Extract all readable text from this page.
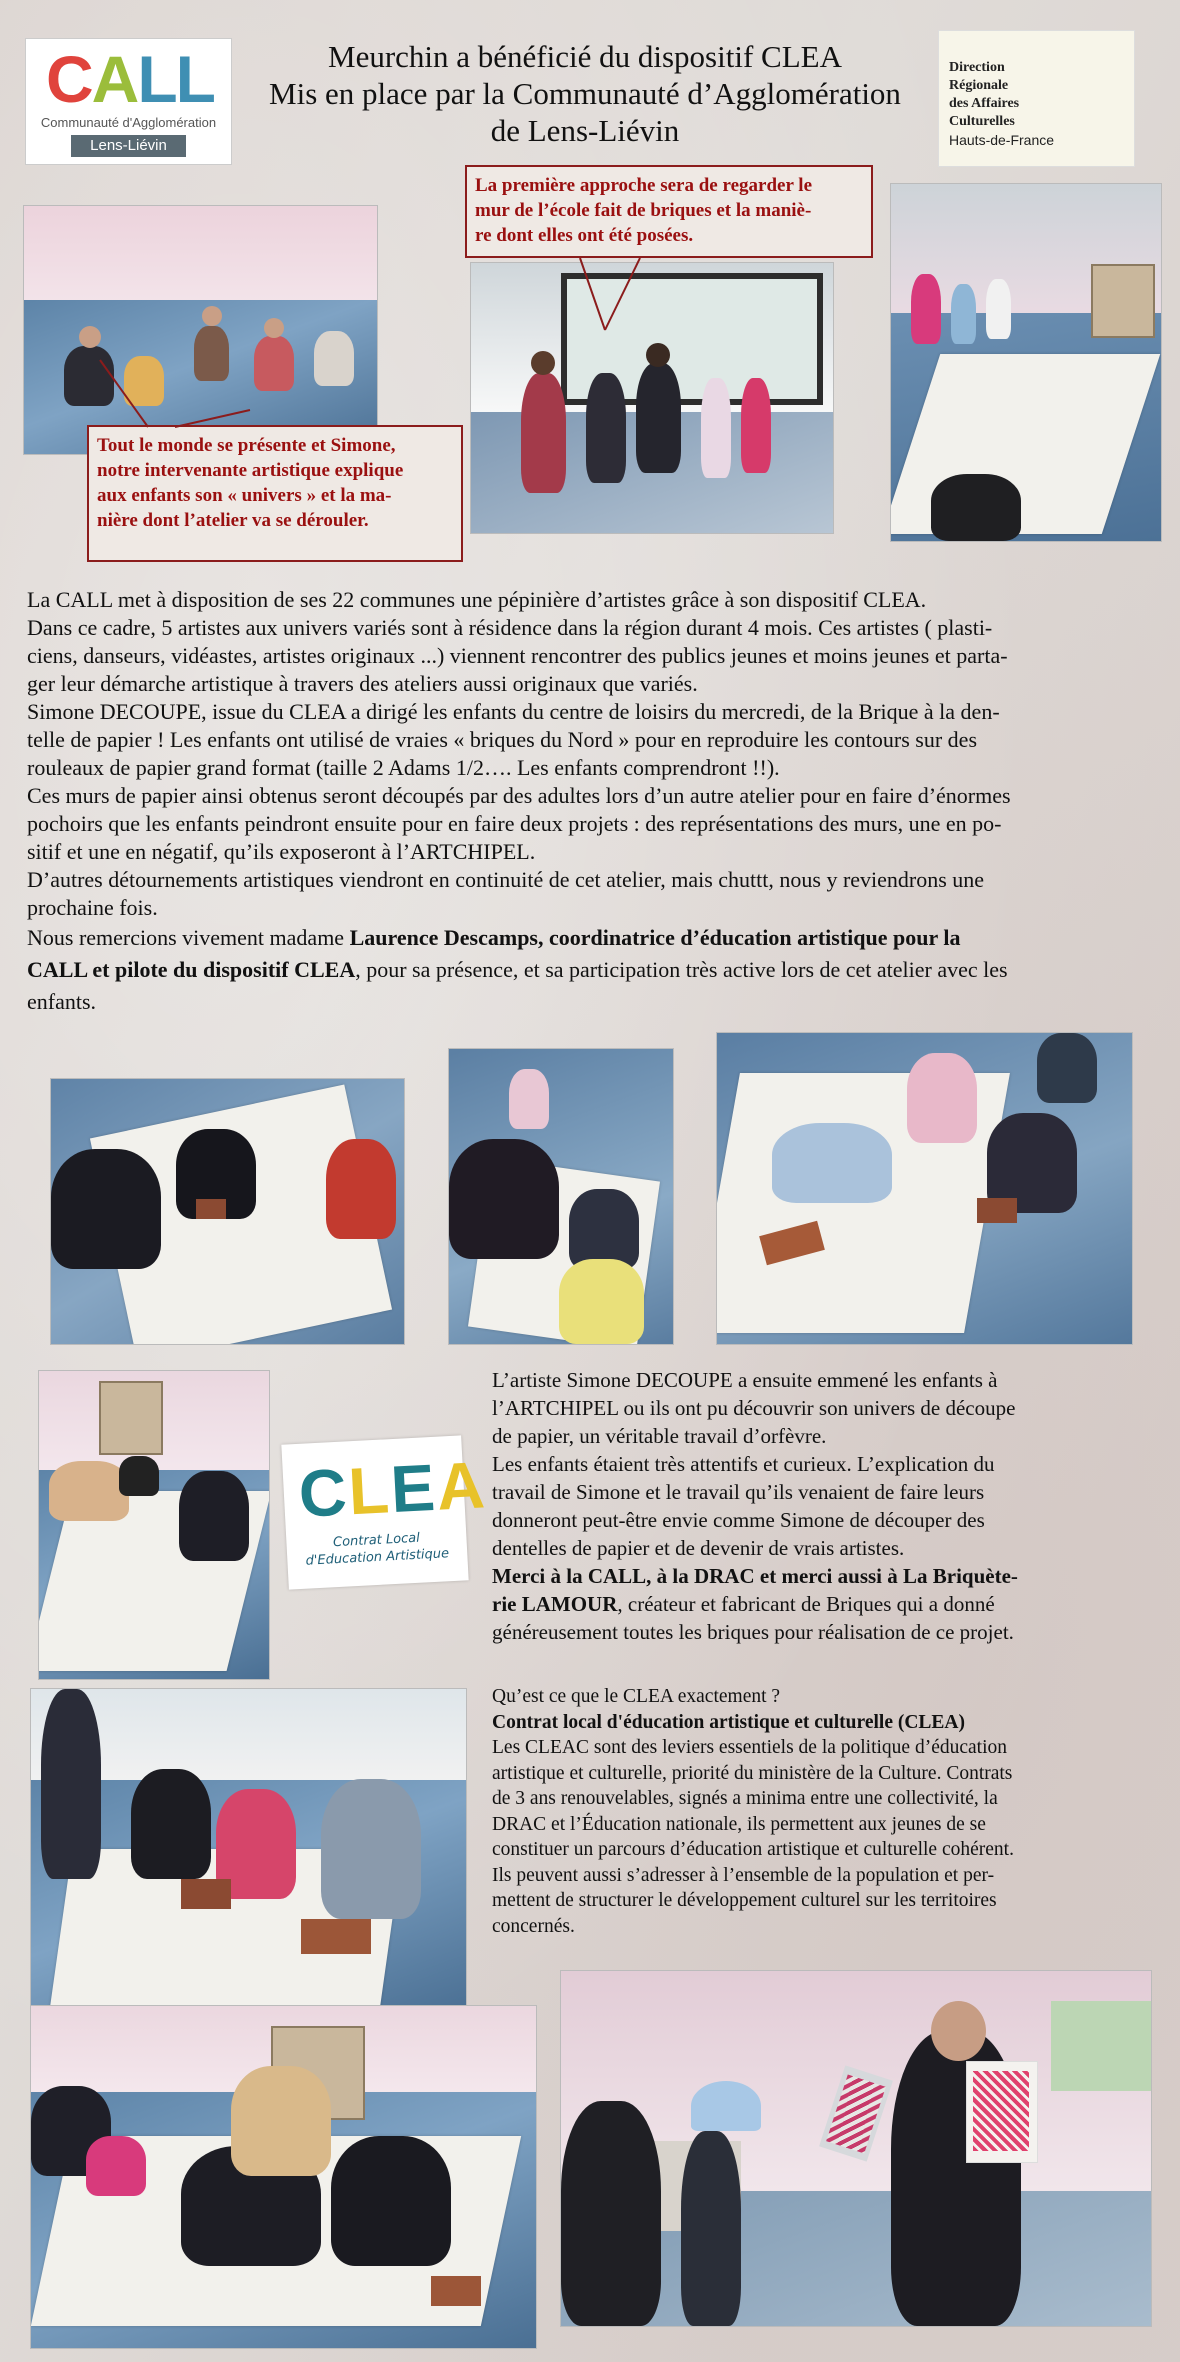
CALL
Communauté d'Agglomération
Lens-Liévin
Meurchin a bénéficié du dispositif CLEA
Mis en place par la Communauté d’Agglomération
de Lens-Liévin
Direction
Régionale
des Affaires
Culturelles
Hauts-de-France
La première approche sera de regarder le
mur de l’école fait de briques et la maniè-
re dont elles ont été posées.
Tout le monde se présente et Simone,
notre intervenante artistique explique
aux enfants son « univers » et la ma-
nière dont l’atelier va se dérouler.
La CALL met à disposition de ses 22 communes une pépinière d’artistes grâce à son dispositif CLEA.
Dans ce cadre, 5 artistes aux univers variés sont à résidence dans la région durant 4 mois. Ces artistes ( plasti-
ciens, danseurs, vidéastes, artistes originaux ...) viennent rencontrer des publics jeunes et moins jeunes et parta-
ger leur démarche artistique à travers des ateliers aussi originaux que variés.
Simone DECOUPE, issue du CLEA a dirigé les enfants du centre de loisirs du mercredi, de la Brique à la den-
telle de papier ! Les enfants ont utilisé de vraies « briques du Nord » pour en reproduire les contours sur des
rouleaux de papier grand format (taille 2 Adams 1/2…. Les enfants comprendront !!).
Ces murs de papier ainsi obtenus seront découpés par des adultes lors d’un autre atelier pour en faire d’énormes
pochoirs que les enfants peindront ensuite pour en faire deux projets : des représentations des murs, une en po-
sitif et une en négatif, qu’ils exposeront à l’ARTCHIPEL.
D’autres détournements artistiques viendront en continuité de cet atelier, mais chuttt, nous y reviendrons une
prochaine fois.
Nous remercions vivement madame Laurence Descamps, coordinatrice d’éducation artistique pour la
CALL et pilote du dispositif CLEA, pour sa présence, et sa participation très active lors de cet atelier avec les
enfants.
CLEA
Contrat Local
d'Education Artistique
L’artiste Simone DECOUPE a ensuite emmené les enfants à
l’ARTCHIPEL ou ils ont pu découvrir son univers de découpe
de papier, un véritable travail d’orfèvre.
Les enfants étaient très attentifs et curieux. L’explication du
travail de Simone et le travail qu’ils venaient de faire leurs
donneront peut-être envie comme Simone de découper des
dentelles de papier et de devenir de vrais artistes.
Merci à la CALL, à la DRAC et merci aussi à La Briquète-
rie LAMOUR, créateur et fabricant de Briques qui a donné
généreusement toutes les briques pour réalisation de ce projet.
Qu’est ce que le CLEA exactement ?
Contrat local d'éducation artistique et culturelle (CLEA)
Les CLEAC sont des leviers essentiels de la politique d’éducation
artistique et culturelle, priorité du ministère de la Culture. Contrats
de 3 ans renouvelables, signés a minima entre une collectivité, la
DRAC et l’Éducation nationale, ils permettent aux jeunes de se
constituer un parcours d’éducation artistique et culturelle cohérent.
Ils peuvent aussi s’adresser à l’ensemble de la population et per-
mettent de structurer le développement culturel sur les territoires
concernés.
